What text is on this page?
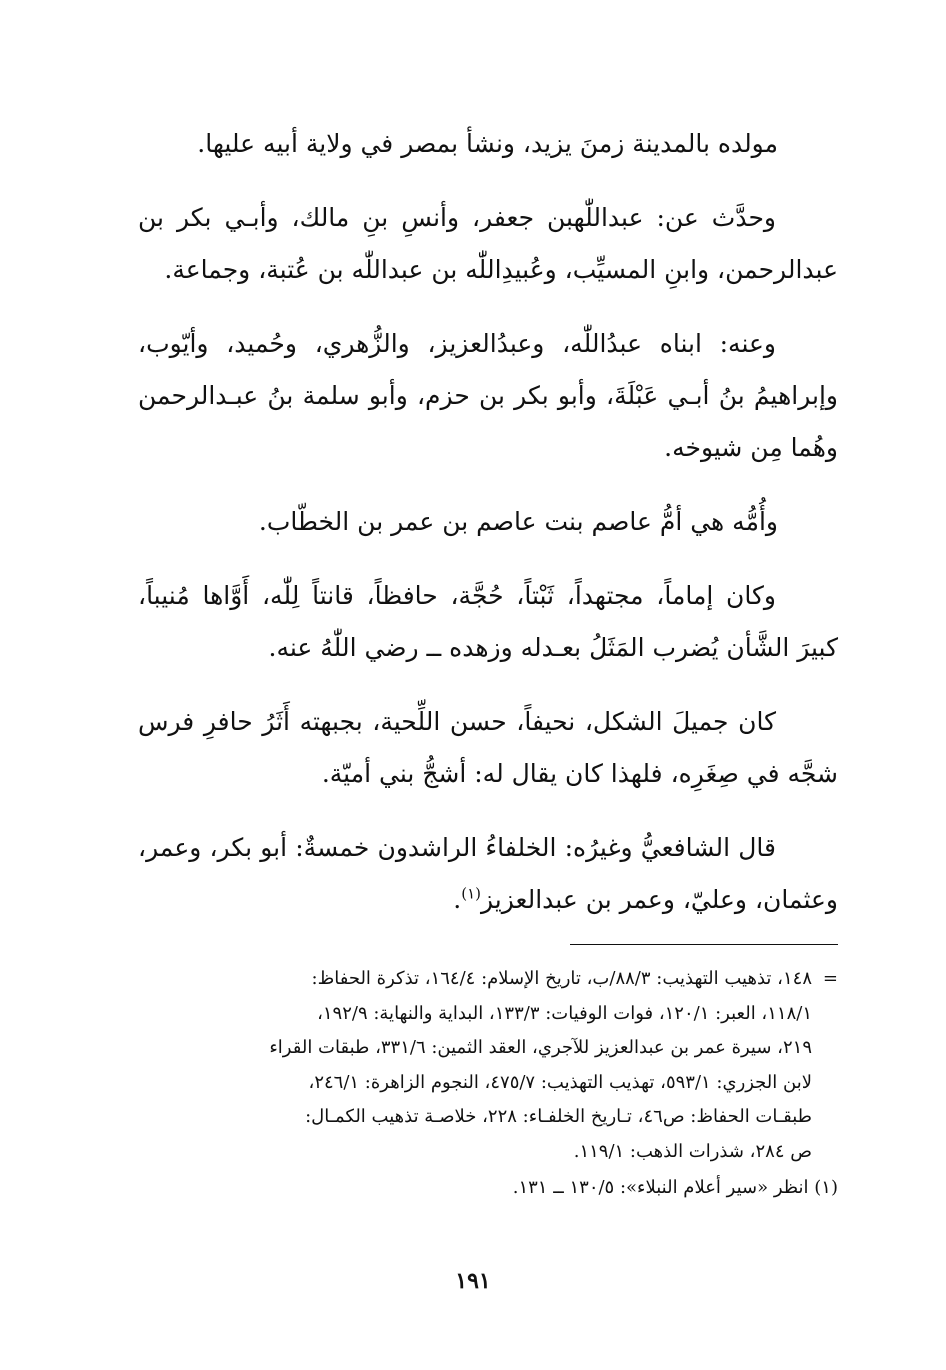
مولده بالمدينة زمنَ يزيد، ونشأ بمصر في ولاية أبيه عليها.

وحدَّث عن: عبداللّٰهبن جعفر، وأنسِ بنِ مالك، وأبـي بكر بن عبدالرحمن، وابنِ المسيِّب، وعُبيدِاللّٰه بن عبداللّٰه بن عُتبة، وجماعة.

وعنه: ابناه عبدُاللّٰه، وعبدُالعزيز، والزُّهري، وحُميد، وأيّوب، وإبراهيمُ بنُ أبـي عَبْلَةَ، وأبو بكر بن حزم، وأبو سلمة بنُ عبـدالرحمن وهُما مِن شيوخه.

وأُمُّه هي أمُّ عاصم بنت عاصم بن عمر بن الخطّاب.

وكان إماماً، مجتهداً، ثَبْتاً، حُجَّة، حافظاً، قانتاً لِلّٰه، أَوَّاها مُنيباً، كبيرَ الشَّأن يُضرب المَثَلُ بعـدله وزهده ــ رضي اللّٰهُ عنه.

كان جميلَ الشكل، نحيفاً، حسن اللِّحية، بجبهته أَثَرُ حافرِ فرس شجَّه في صِغَرِه، فلهذا كان يقال له: أشجُّ بني أميّة.

قال الشافعيُّ وغيرُه: الخلفاءُ الراشدون خمسةٌ: أبو بكر، وعمر، وعثمان، وعليّ، وعمر بن عبدالعزيز$^{(١)}$.

=
١٤٨، تذهيب التهذيب: ٨٨/٣/ب، تاريخ الإسلام: ١٦٤/٤، تذكرة الحفاظ:
١١٨/١، العبر: ١٢٠/١، فوات الوفيات: ١٣٣/٣، البداية والنهاية: ١٩٢/٩،
٢١٩، سيرة عمر بن عبدالعزيز للآجري، العقد الثمين: ٣٣١/٦، طبقات القراء
لابن الجزري: ٥٩٣/١، تهذيب التهذيب: ٤٧٥/٧، النجوم الزاهرة: ٢٤٦/١،
طبقـات الحفاظ: ص٤٦، تـاريخ الخلفـاء: ٢٢٨، خلاصـة تذهيب الكمـال:
ص ٢٨٤، شذرات الذهب: ١١٩/١.
(١) انظر «سير أعلام النبلاء»: ١٣٠/٥ ــ ١٣١.
١٩١
